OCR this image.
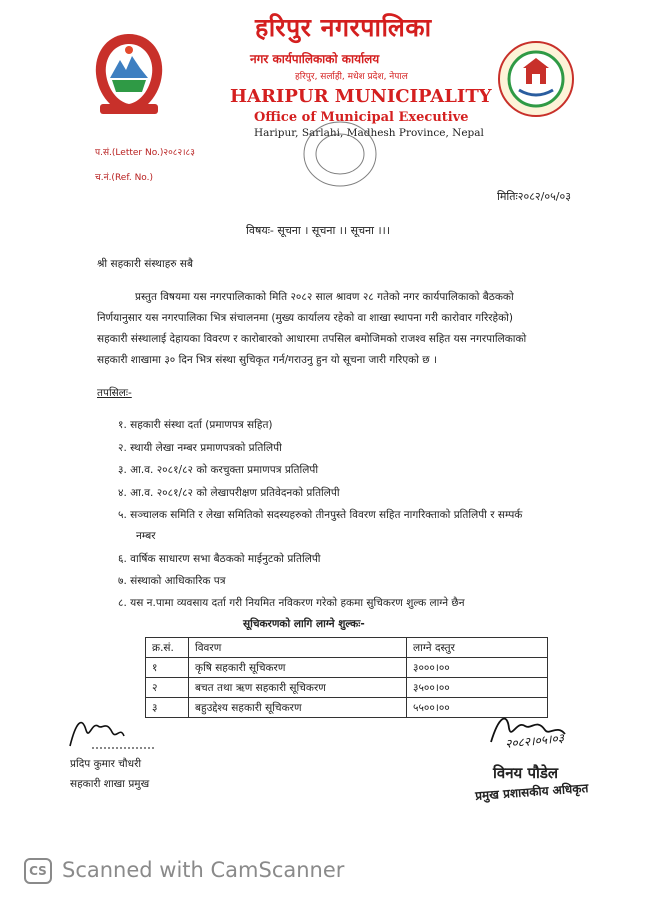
हरिपुर नगरपालिका
नगर कार्यपालिकाको कार्यालय
हरिपुर, सर्लाही, मधेश प्रदेश, नेपाल
HARIPUR MUNICIPALITY
Office of Municipal Executive
Haripur, Sarlahi, Madhesh Province, Nepal
प.सं.(Letter No.)२०८२।८३
च.नं.(Ref. No.)
मितिः२०८२/०५/०३
विषयः- सूचना । सूचना ।। सूचना ।।।
श्री सहकारी संस्थाहरु सबै
प्रस्तुत विषयमा यस नगरपालिकाको मिति २०८२ साल श्रावण २८ गतेको नगर कार्यपालिकाको बैठकको
निर्णयानुसार यस नगरपालिका भित्र संचालनमा (मुख्य कार्यालय रहेको वा शाखा स्थापना गरी कारोवार गरिरहेको)
सहकारी संस्थालाई देहायका विवरण र कारोबारको आधारमा तपसिल बमोजिमको राजश्व सहित यस नगरपालिकाको
सहकारी शाखामा ३० दिन भित्र संस्था सुचिकृत गर्न/गराउनु हुन यो सूचना जारी गरिएको छ ।
तपसिलः-
१. सहकारी संस्था दर्ता (प्रमाणपत्र सहित)
२. स्थायी लेखा नम्बर प्रमाणपत्रको प्रतिलिपी
३. आ.व. २०८१/८२ को करचुक्ता प्रमाणपत्र प्रतिलिपी
४. आ.व. २०८१/८२ को लेखापरीक्षण प्रतिवेदनको प्रतिलिपी
५. सञ्चालक समिति र लेखा समितिको सदस्यहरुको तीनपुस्ते विवरण सहित नागरिक्ताको प्रतिलिपी र सम्पर्क
नम्बर
६. वार्षिक साधारण सभा बैठकको माईनुटको प्रतिलिपी
७. संस्थाको आधिकारिक पत्र
८. यस न.पामा व्यवसाय दर्ता गरी नियमित नविकरण गरेको हकमा सुचिकरण शुल्क लाग्ने छैन
सूचिकरणको लागि लाग्ने शुल्कः-
क्र.सं.	विवरण	लाग्ने दस्तुर
१	कृषि सहकारी सूचिकरण	३०००।००
२	बचत तथा ऋण सहकारी सूचिकरण	३५००।००
३	बहुउद्देश्य सहकारी सूचिकरण	५५००।००
प्रदिप कुमार चौधरी
सहकारी शाखा प्रमुख
२०८२।०५।०३
विनय पौडेल
प्रमुख प्रशासकीय अधिकृत
CS Scanned with CamScanner
